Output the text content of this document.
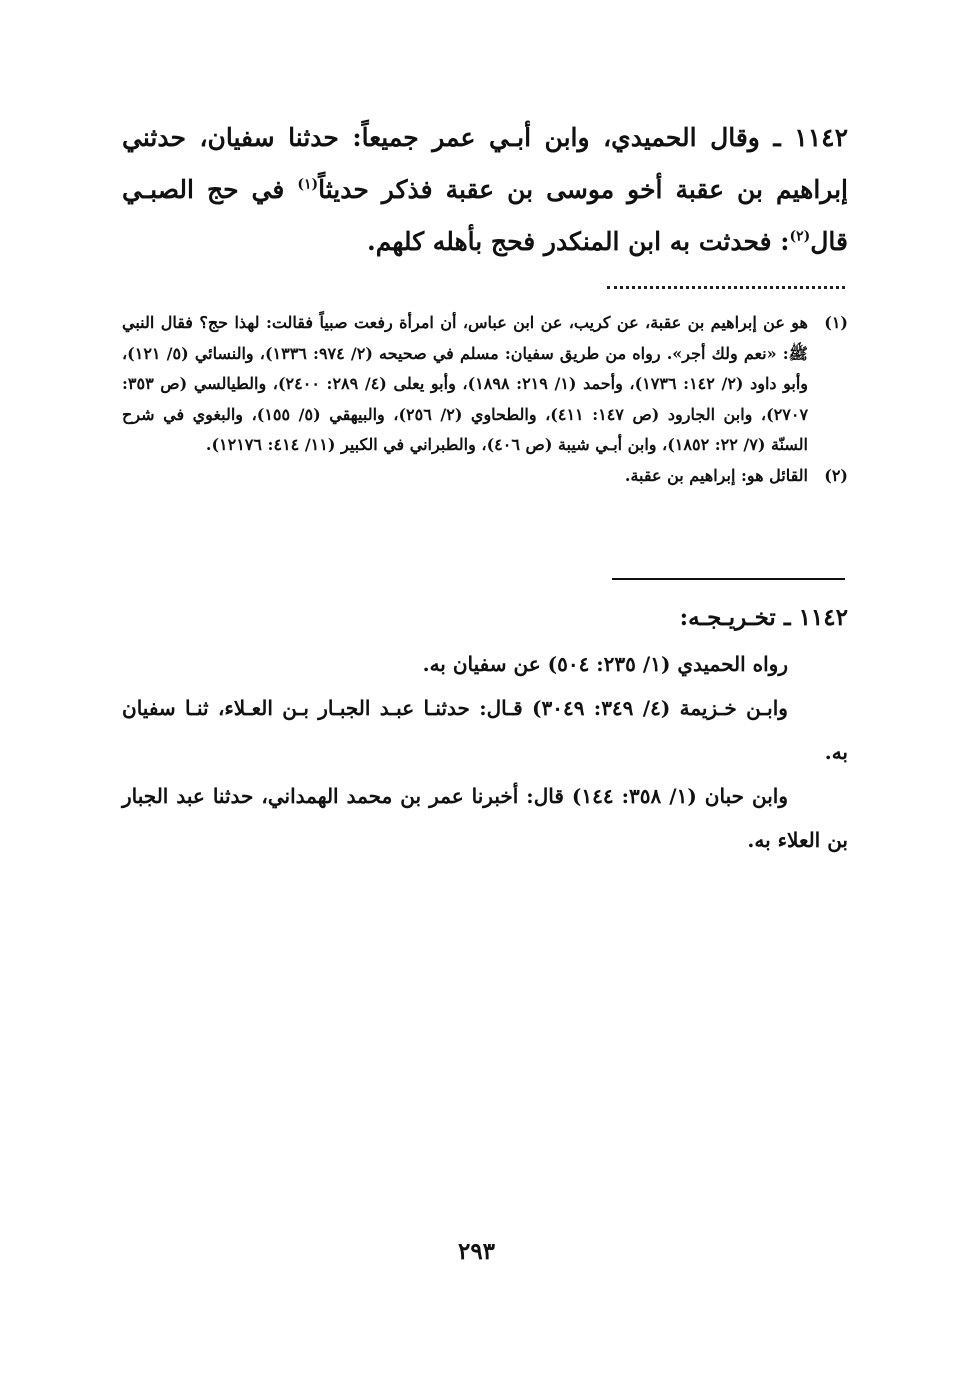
١١٤٢ ـ وقال الحميدي، وابن أبـي عمر جميعاً: حدثنا سفيان، حدثني إبراهيم بن عقبة أخو موسى بن عقبة فذكر حديثاً$^{(١)}$ في حج الصبـي قال$^{(٢)}$: فحدثت به ابن المنكدر فحج بأهله كلهم.
(١)
هو عن إبراهيم بن عقبة، عن كريب، عن ابن عباس، أن امرأة رفعت صبياً فقالت: لهذا حج؟ فقال النبي ﷺ: «نعم ولك أجر». رواه من طريق سفيان: مسلم في صحيحه (٢/ ٩٧٤: ١٣٣٦)، والنسائي (٥/ ١٢١)، وأبو داود (٢/ ١٤٢: ١٧٣٦)، وأحمد (١/ ٢١٩: ١٨٩٨)، وأبو يعلى (٤/ ٢٨٩: ٢٤٠٠)، والطيالسي (ص ٣٥٣: ٢٧٠٧)، وابن الجارود (ص ١٤٧: ٤١١)، والطحاوي (٢/ ٢٥٦)، والبيهقي (٥/ ١٥٥)، والبغوي في شرح السنّة (٧/ ٢٢: ١٨٥٢)، وابن أبـي شيبة (ص ٤٠٦)، والطبراني في الكبير (١١/ ٤١٤: ١٢١٧٦).
(٢)
القائل هو: إبراهيم بن عقبة.
١١٤٢ ـ تخـريـجـه:

رواه الحميدي (١/ ٢٣٥: ٥٠٤) عن سفيان به.

وابـن خـزيمة (٤/ ٣٤٩: ٣٠٤٩) قـال: حدثنـا عبـد الجبـار بـن العـلاء، ثنـا سفيان به.

وابن حبان (١/ ٣٥٨: ١٤٤) قال: أخبرنا عمر بن محمد الهمداني، حدثنا عبد الجبار بن العلاء به.

٢٩٣
